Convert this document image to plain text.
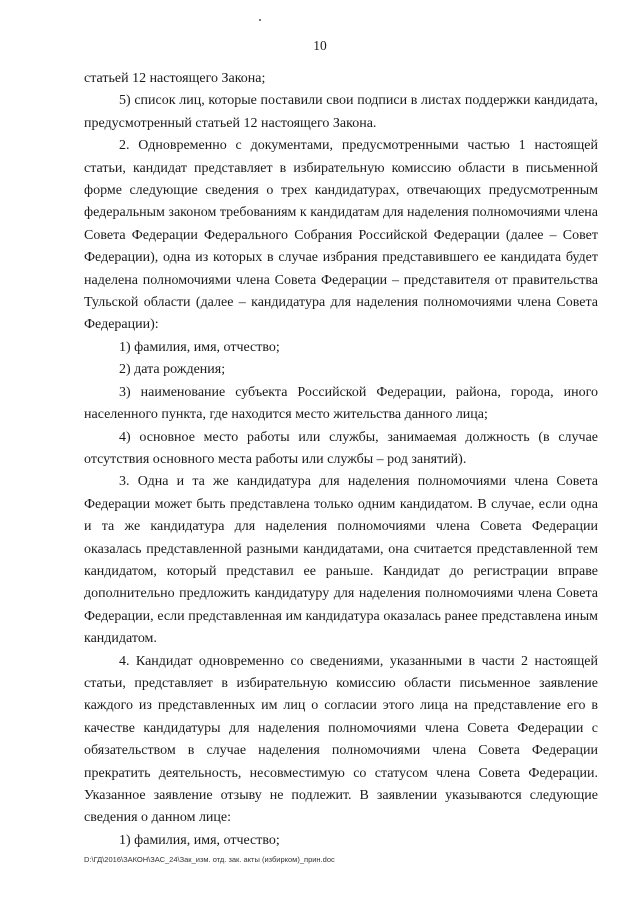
10

статьей 12 настоящего Закона;

5) список лиц, которые поставили свои подписи в листах поддержки кандидата, предусмотренный статьей 12 настоящего Закона.

2. Одновременно с документами, предусмотренными частью 1 настоящей статьи, кандидат представляет в избирательную комиссию области в письменной форме следующие сведения о трех кандидатурах, отвечающих предусмотренным федеральным законом требованиям к кандидатам для наделения полномочиями члена Совета Федерации Федерального Собрания Российской Федерации (далее – Совет Федерации), одна из которых в случае избрания представившего ее кандидата будет наделена полномочиями члена Совета Федерации – представителя от правительства Тульской области (далее – кандидатура для наделения полномочиями члена Совета Федерации):

1) фамилия, имя, отчество;

2) дата рождения;

3) наименование субъекта Российской Федерации, района, города, иного населенного пункта, где находится место жительства данного лица;

4) основное место работы или службы, занимаемая должность (в случае отсутствия основного места работы или службы – род занятий).

3. Одна и та же кандидатура для наделения полномочиями члена Совета Федерации может быть представлена только одним кандидатом. В случае, если одна и та же кандидатура для наделения полномочиями члена Совета Федерации оказалась представленной разными кандидатами, она считается представленной тем кандидатом, который представил ее раньше. Кандидат до регистрации вправе дополнительно предложить кандидатуру для наделения полномочиями члена Совета Федерации, если представленная им кандидатура оказалась ранее представлена иным кандидатом.

4. Кандидат одновременно со сведениями, указанными в части 2 настоящей статьи, представляет в избирательную комиссию области письменное заявление каждого из представленных им лиц о согласии этого лица на представление его в качестве кандидатуры для наделения полномочиями члена Совета Федерации с обязательством в случае наделения полномочиями члена Совета Федерации прекратить деятельность, несовместимую со статусом члена Совета Федерации. Указанное заявление отзыву не подлежит. В заявлении указываются следующие сведения о данном лице:

1) фамилия, имя, отчество;

D:\ГД\2016\ЗАКОН\ЗАС_24\Зак_изм. отд. зак. акты (избирком)_прин.doc
